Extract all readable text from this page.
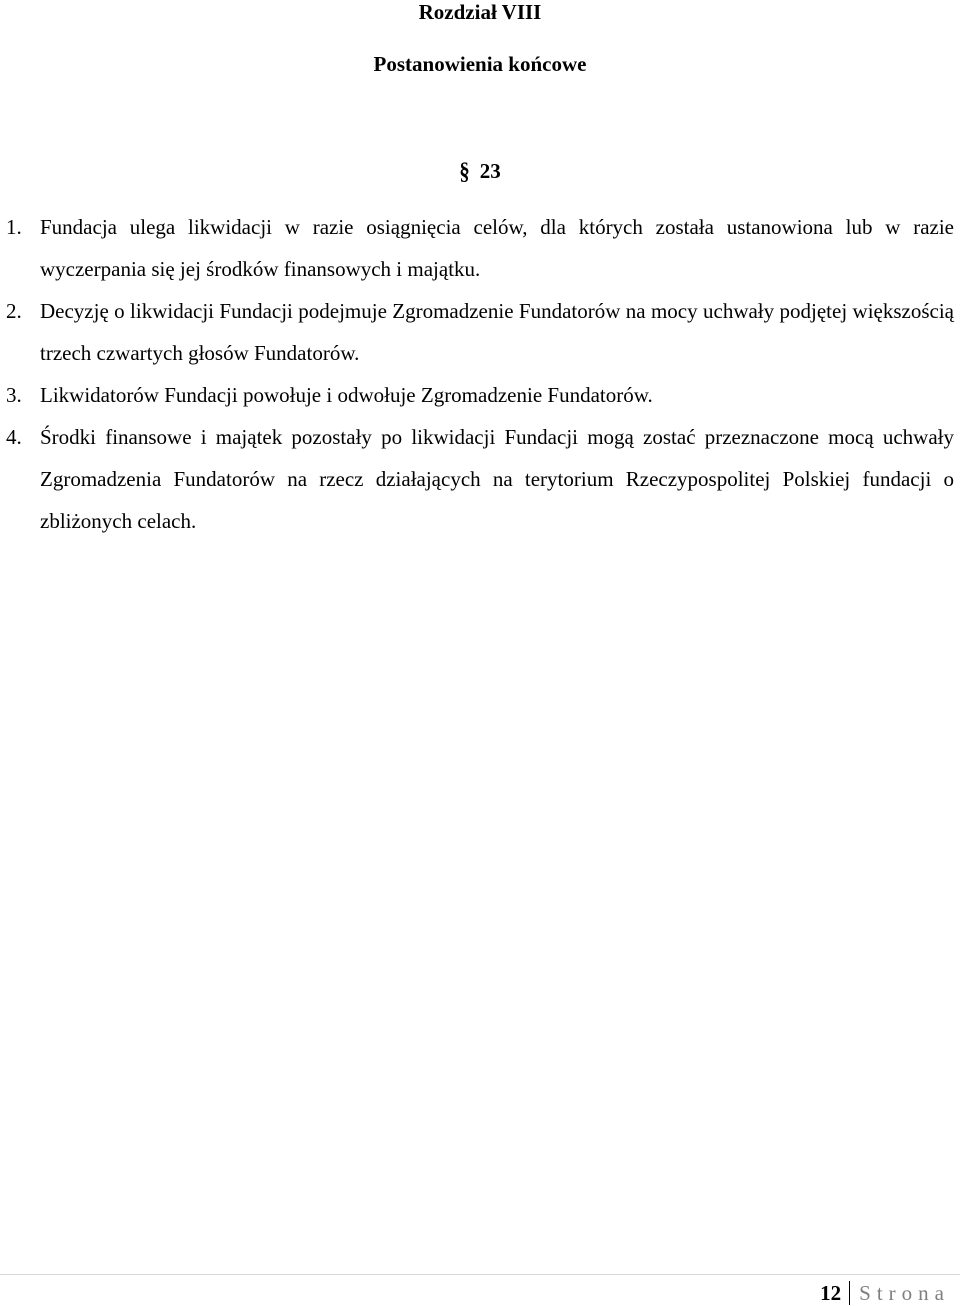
Rozdział VIII
Postanowienia końcowe
§ 23
1. Fundacja ulega likwidacji w razie osiągnięcia celów, dla których została ustanowiona lub w razie wyczerpania się jej środków finansowych i majątku.
2. Decyzję o likwidacji Fundacji podejmuje Zgromadzenie Fundatorów na mocy uchwały podjętej większością trzech czwartych głosów Fundatorów.
3. Likwidatorów Fundacji powołuje i odwołuje Zgromadzenie Fundatorów.
4. Środki finansowe i majątek pozostały po likwidacji Fundacji mogą zostać przeznaczone mocą uchwały Zgromadzenia Fundatorów na rzecz działających na terytorium Rzeczypospolitej Polskiej fundacji o zbliżonych celach.
12 Strona
